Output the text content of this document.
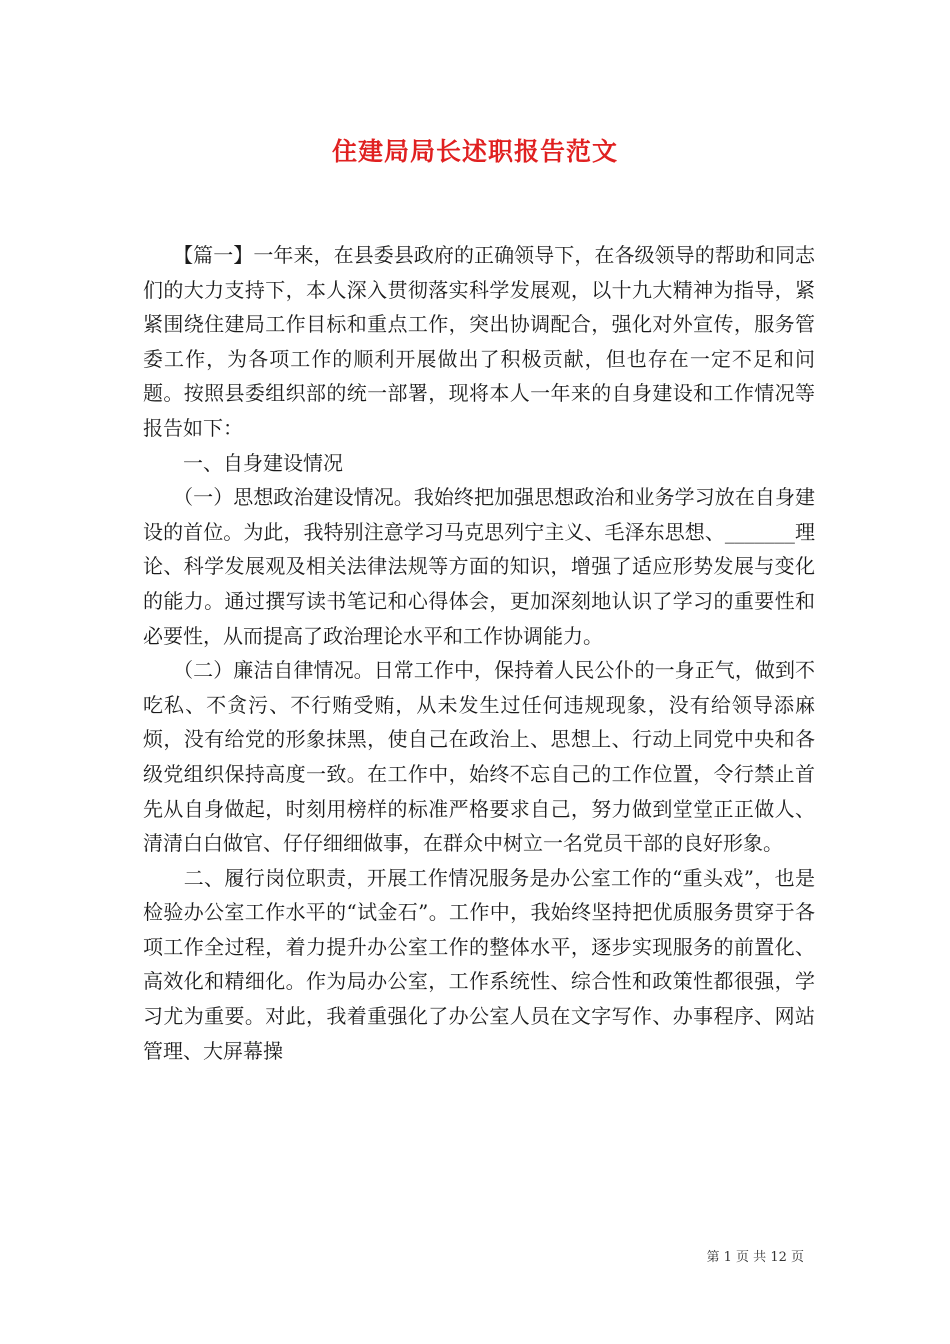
住建局局长述职报告范文

　　【篇一】一年来，在县委县政府的正确领导下，在各级领导的帮助和同志们的大力支持下，本人深入贯彻落实科学发展观，以十九大精神为指导，紧紧围绕住建局工作目标和重点工作，突出协调配合，强化对外宣传，服务管委工作，为各项工作的顺利开展做出了积极贡献，但也存在一定不足和问题。按照县委组织部的统一部署，现将本人一年来的自身建设和工作情况等报告如下：

　　一、自身建设情况

　　（一）思想政治建设情况。我始终把加强思想政治和业务学习放在自身建设的首位。为此，我特别注意学习马克思列宁主义、毛泽东思想、_______理论、科学发展观及相关法律法规等方面的知识，增强了适应形势发展与变化的能力。通过撰写读书笔记和心得体会，更加深刻地认识了学习的重要性和必要性，从而提高了政治理论水平和工作协调能力。

　　（二）廉洁自律情况。日常工作中，保持着人民公仆的一身正气，做到不吃私、不贪污、不行贿受贿，从未发生过任何违规现象，没有给领导添麻烦，没有给党的形象抹黑，使自己在政治上、思想上、行动上同党中央和各级党组织保持高度一致。在工作中，始终不忘自己的工作位置，令行禁止首先从自身做起，时刻用榜样的标准严格要求自己，努力做到堂堂正正做人、清清白白做官、仔仔细细做事，在群众中树立一名党员干部的良好形象。

　　二、履行岗位职责，开展工作情况服务是办公室工作的“重头戏”，也是检验办公室工作水平的“试金石”。工作中，我始终坚持把优质服务贯穿于各项工作全过程，着力提升办公室工作的整体水平，逐步实现服务的前置化、高效化和精细化。作为局办公室，工作系统性、综合性和政策性都很强，学习尤为重要。对此，我着重强化了办公室人员在文字写作、办事程序、网站管理、大屏幕操

第 1 页 共 12 页
